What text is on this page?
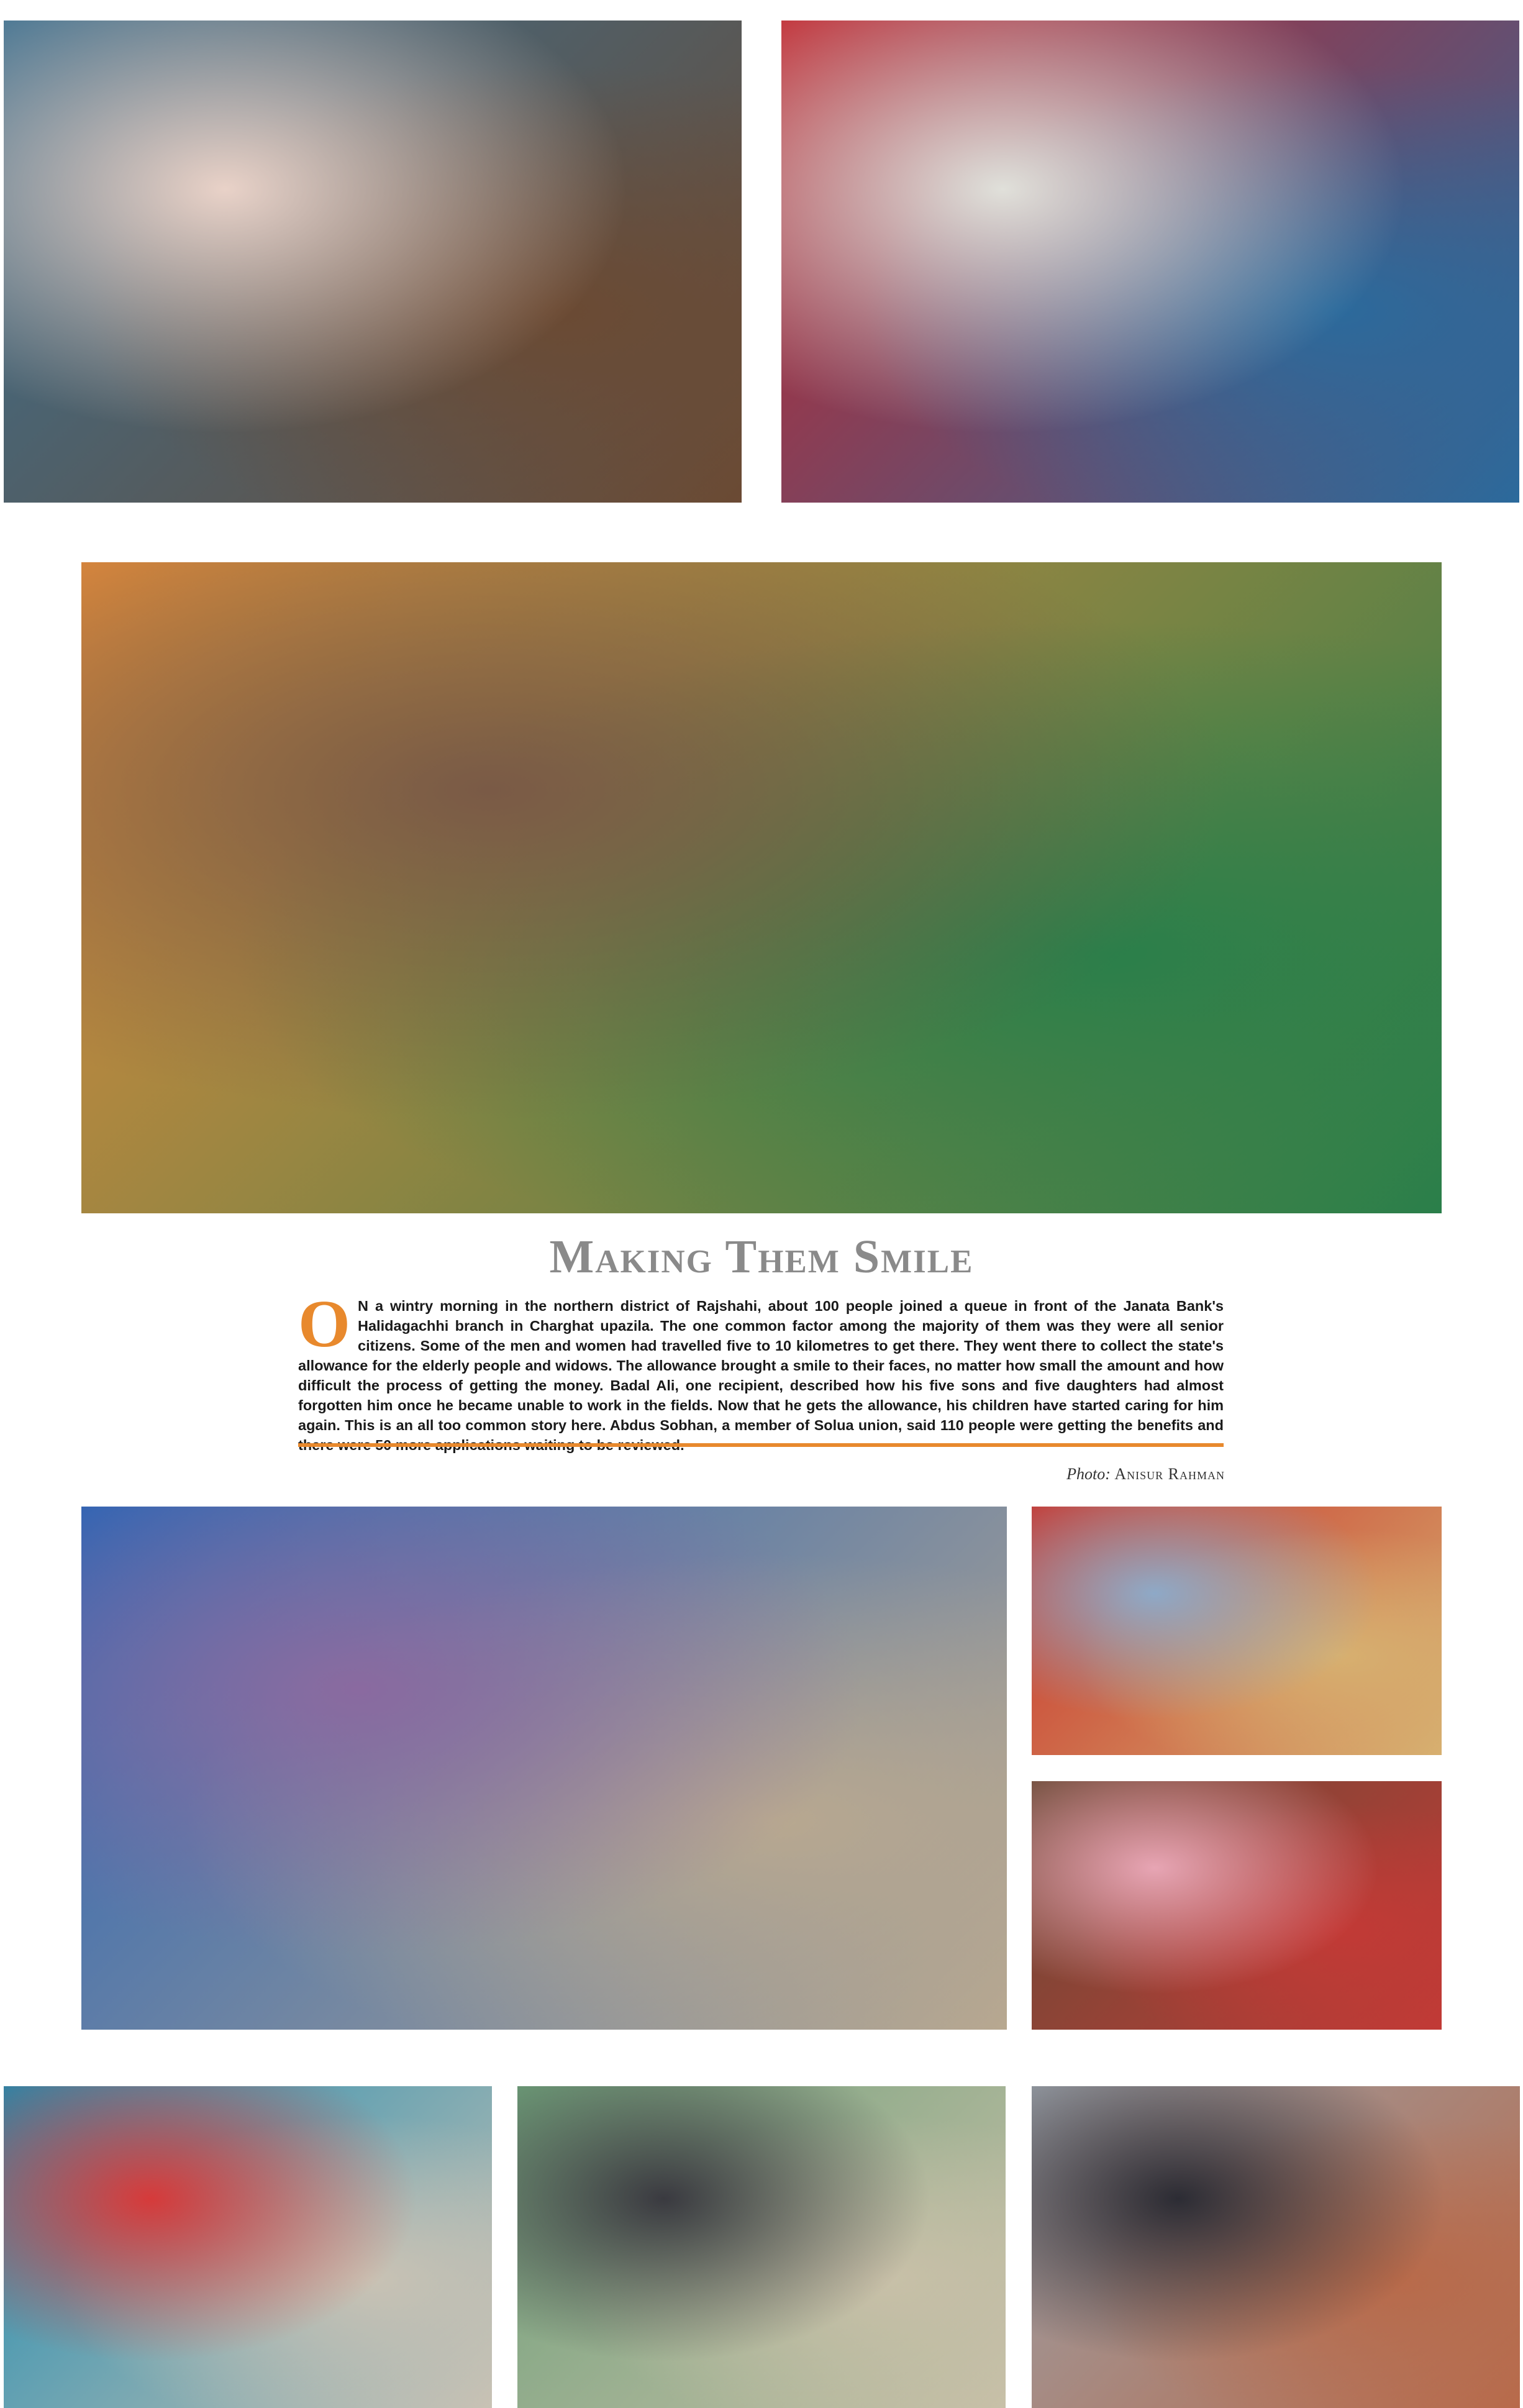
Making Them Smile
O N a wintry morning in the northern district of Rajshahi, about 100 people joined a queue in front of the Janata Bank's Halidagachhi branch in Charghat upazila. The one common factor among the majority of them was they were all senior citizens. Some of the men and women had travelled five to 10 kilometres to get there. They went there to collect the state's allowance for the elderly people and widows. The allowance brought a smile to their faces, no matter how small the amount and how difficult the process of getting the money. Badal Ali, one recipient, described how his five sons and five daughters had almost forgotten him once he became unable to work in the fields. Now that he gets the allowance, his children have started caring for him again. This is an all too common story here. Abdus Sobhan, a member of Solua union, said 110 people were getting the benefits and
Photo: Anisur Rahman
